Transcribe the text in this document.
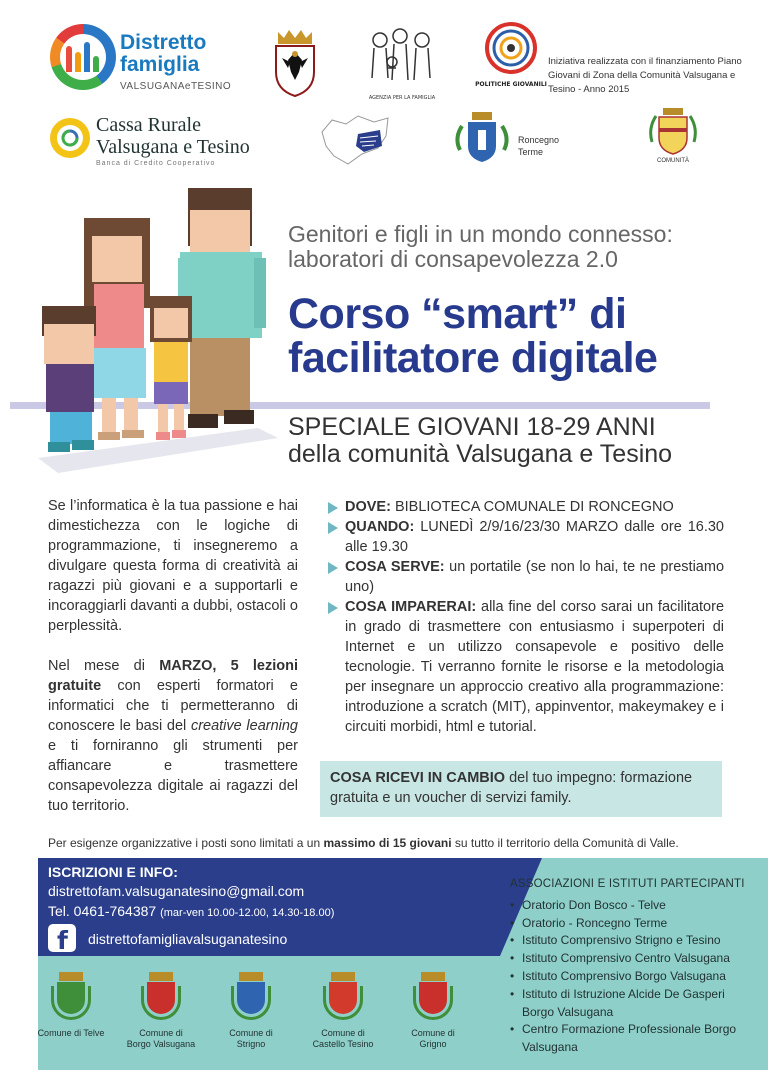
Distretto
famiglia
VALSUGANAeTESINO
AGENZIA PER LA FAMIGLIA
POLITICHE GIOVANILI
Iniziativa realizzata con il finanziamento Piano Giovani di Zona della Comunità Valsugana e Tesino - Anno 2015
Cassa Rurale
Valsugana e Tesino
Banca di Credito Cooperativo
Roncegno
Terme
COMUNITÀ
Genitori e figli in un mondo connesso: laboratori di consapevolezza 2.0
Corso “smart” di
facilitatore digitale
SPECIALE GIOVANI 18-29 ANNI
della comunità Valsugana e Tesino

Se l’informatica è la tua passione e hai dimestichezza con le logiche di programmazione, ti insegneremo a divulgare questa forma di creatività ai ragazzi più giovani e a supportarli e incoraggiarli davanti a dubbi, ostacoli o perplessità.

Nel mese di MARZO, 5 lezioni gratuite con esperti formatori e informatici che ti permetteranno di conoscere le basi del creative learning e ti forniranno gli strumenti per affiancare e trasmettere consapevolezza digitale ai ragazzi del tuo territorio.

DOVE: BIBLIOTECA COMUNALE DI RONCEGNO
QUANDO: LUNEDÌ 2/9/16/23/30 MARZO dalle ore 16.30 alle 19.30
COSA SERVE: un portatile (se non lo hai, te ne prestiamo uno)
COSA IMPARERAI: alla fine del corso sarai un facilitatore in grado di trasmettere con entusiasmo i superpoteri di Internet e un utilizzo consapevole e positivo delle tecnologie. Ti verranno fornite le risorse e la metodologia per insegnare un approccio creativo alla programmazione: introduzione a scratch (MIT), appinventor, makeymakey e i circuiti morbidi, html e tutorial.
COSA RICEVI IN CAMBIO del tuo impegno: formazione gratuita e un voucher di servizi family.
Per esigenze organizzative i posti sono limitati a un massimo di 15 giovani su tutto il territorio della Comunità di Valle.
ISCRIZIONI E INFO:
distrettofam.valsuganatesino@gmail.com
Tel. 0461-764387 (mar-ven 10.00-12.00, 14.30-18.00)
f distrettofamigliavalsuganatesino
ASSOCIAZIONI E ISTITUTI PARTECIPANTI
• Oratorio Don Bosco - Telve
• Oratorio - Roncegno Terme
• Istituto Comprensivo Strigno e Tesino
• Istituto Comprensivo Centro Valsugana
• Istituto Comprensivo Borgo Valsugana
• Istituto di Istruzione Alcide De Gasperi Borgo Valsugana
• Centro Formazione Professionale Borgo Valsugana
Comune di Telve	Comune di Borgo Valsugana
Comune di Strigno
Comune di Castello Tesino
Comune di Grigno
